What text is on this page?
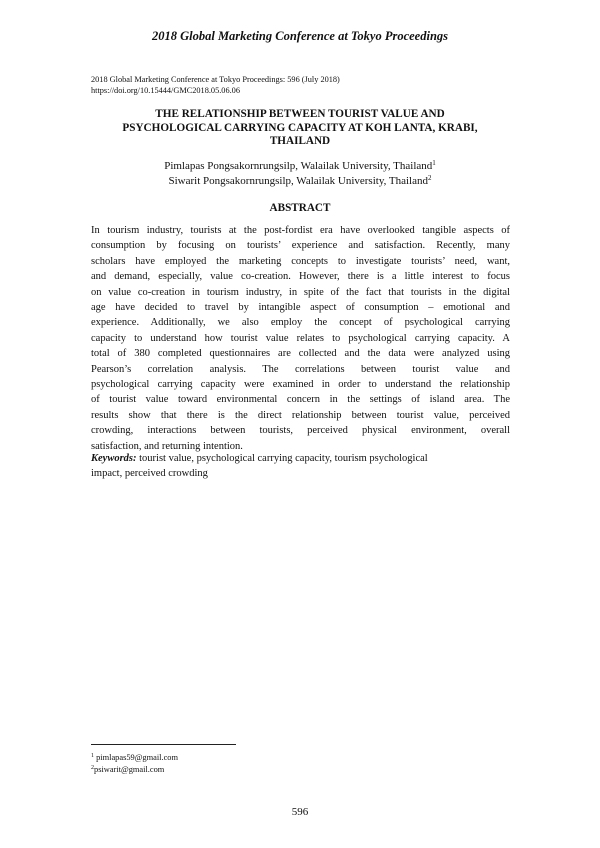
2018 Global Marketing Conference at Tokyo Proceedings
2018 Global Marketing Conference at Tokyo Proceedings: 596 (July 2018)
https://doi.org/10.15444/GMC2018.05.06.06
THE RELATIONSHIP BETWEEN TOURIST VALUE AND
PSYCHOLOGICAL CARRYING CAPACITY AT KOH LANTA, KRABI,
THAILAND
Pimlapas Pongsakornrungsilp, Walailak University, Thailand$^1$
Siwarit Pongsakornrungsilp, Walailak University, Thailand$^2$
ABSTRACT
In tourism industry, tourists at the post-fordist era have overlooked tangible aspects of
consumption by focusing on tourists’ experience and satisfaction. Recently, many
scholars have employed the marketing concepts to investigate tourists’ need, want,
and demand, especially, value co-creation. However, there is a little interest to focus
on value co-creation in tourism industry, in spite of the fact that tourists in the digital
age have decided to travel by intangible aspect of consumption – emotional and
experience. Additionally, we also employ the concept of psychological carrying
capacity to understand how tourist value relates to psychological carrying capacity. A
total of 380 completed questionnaires are collected and the data were analyzed using
Pearson’s correlation analysis. The correlations between tourist value and
psychological carrying capacity were examined in order to understand the relationship
of tourist value toward environmental concern in the settings of island area. The
results show that there is the direct relationship between tourist value, perceived
crowding, interactions between tourists, perceived physical environment, overall
satisfaction, and returning intention.
Keywords: tourist value, psychological carrying capacity, tourism psychological
impact, perceived crowding
$^1$ pimlapas59@gmail.com
$^2$psiwarit@gmail.com
596
